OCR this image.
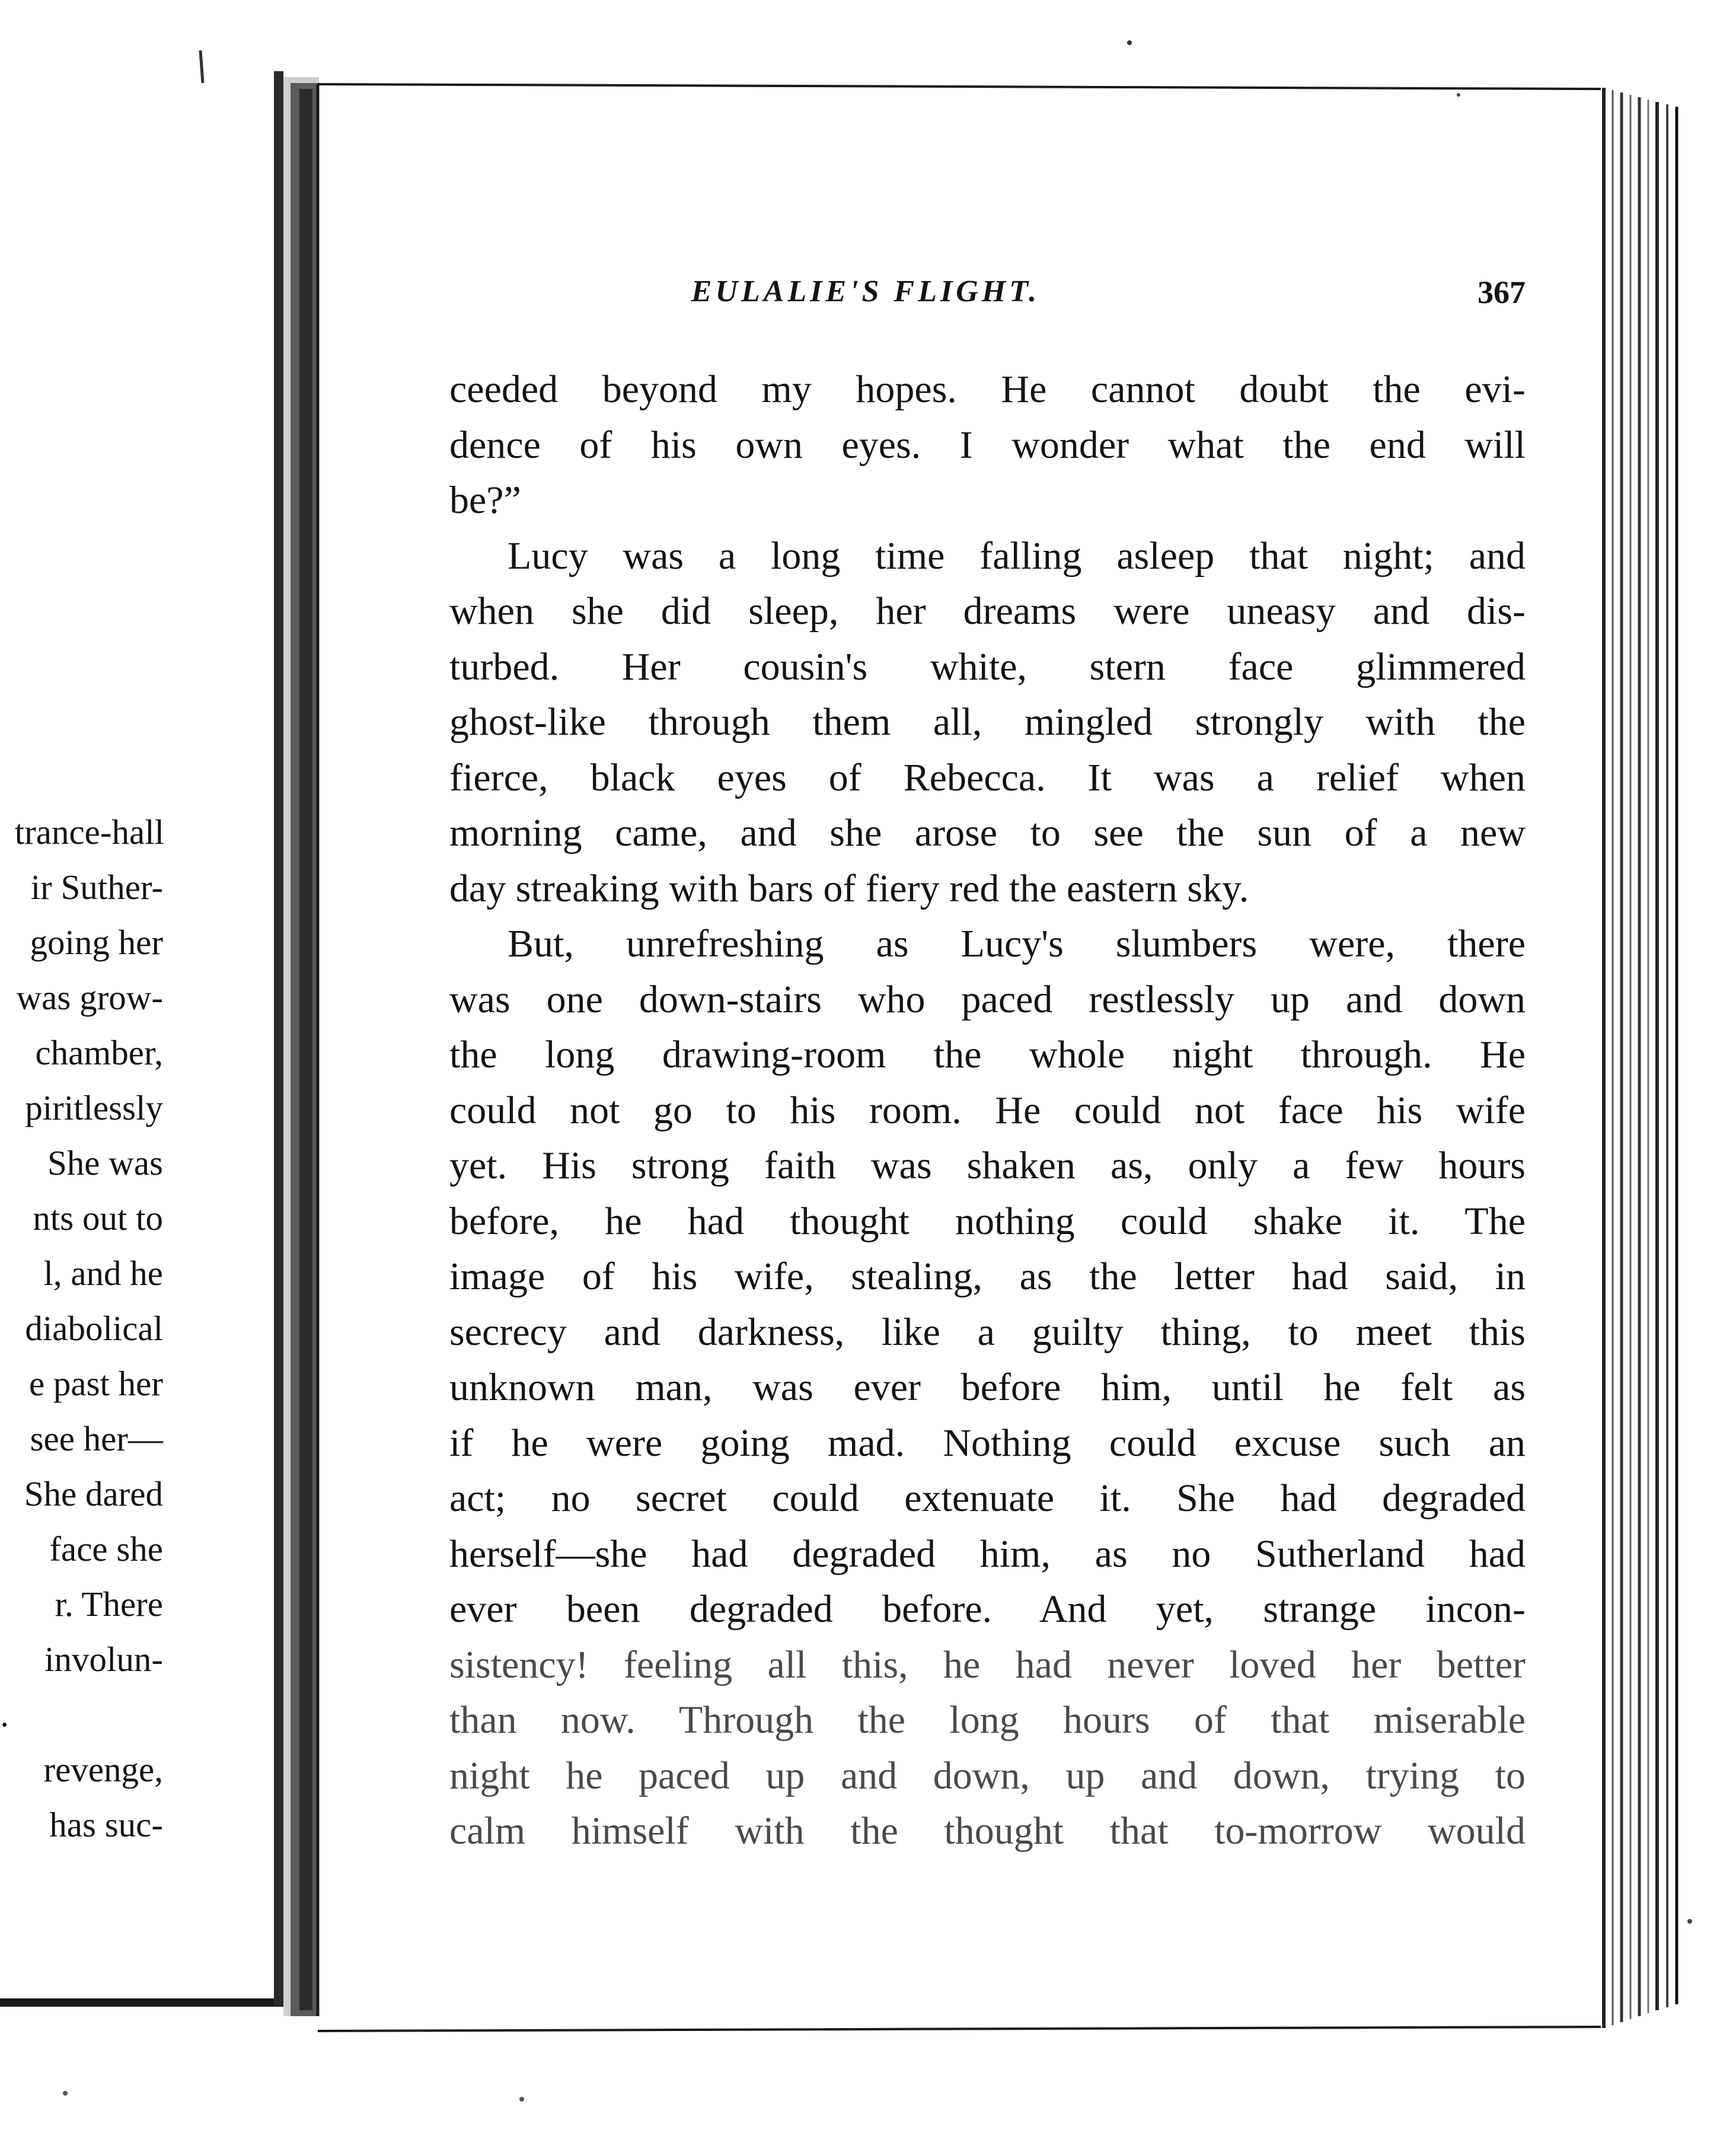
trance-hall
ir Suther-
going her
was grow-
chamber,
piritlessly
She was
nts out to
l, and he
diabolical
e past her
see her—
She dared
face she
r. There
involun-
.
revenge,
has suc-
EULALIE'S FLIGHT.	367
ceeded beyond my hopes. He cannot doubt the evi-
dence of his own eyes. I wonder what the end will
be?”
Lucy was a long time falling asleep that night; and
when she did sleep, her dreams were uneasy and dis-
turbed. Her cousin's white, stern face glimmered
ghost-like through them all, mingled strongly with the
fierce, black eyes of Rebecca. It was a relief when
morning came, and she arose to see the sun of a new
day streaking with bars of fiery red the eastern sky.
But, unrefreshing as Lucy's slumbers were, there
was one down-stairs who paced restlessly up and down
the long drawing-room the whole night through. He
could not go to his room. He could not face his wife
yet. His strong faith was shaken as, only a few hours
before, he had thought nothing could shake it. The
image of his wife, stealing, as the letter had said, in
secrecy and darkness, like a guilty thing, to meet this
unknown man, was ever before him, until he felt as
if he were going mad. Nothing could excuse such an
act; no secret could extenuate it. She had degraded
herself—she had degraded him, as no Sutherland had
ever been degraded before. And yet, strange incon-
sistency! feeling all this, he had never loved her better
than now. Through the long hours of that miserable
night he paced up and down, up and down, trying to
calm himself with the thought that to-morrow would
